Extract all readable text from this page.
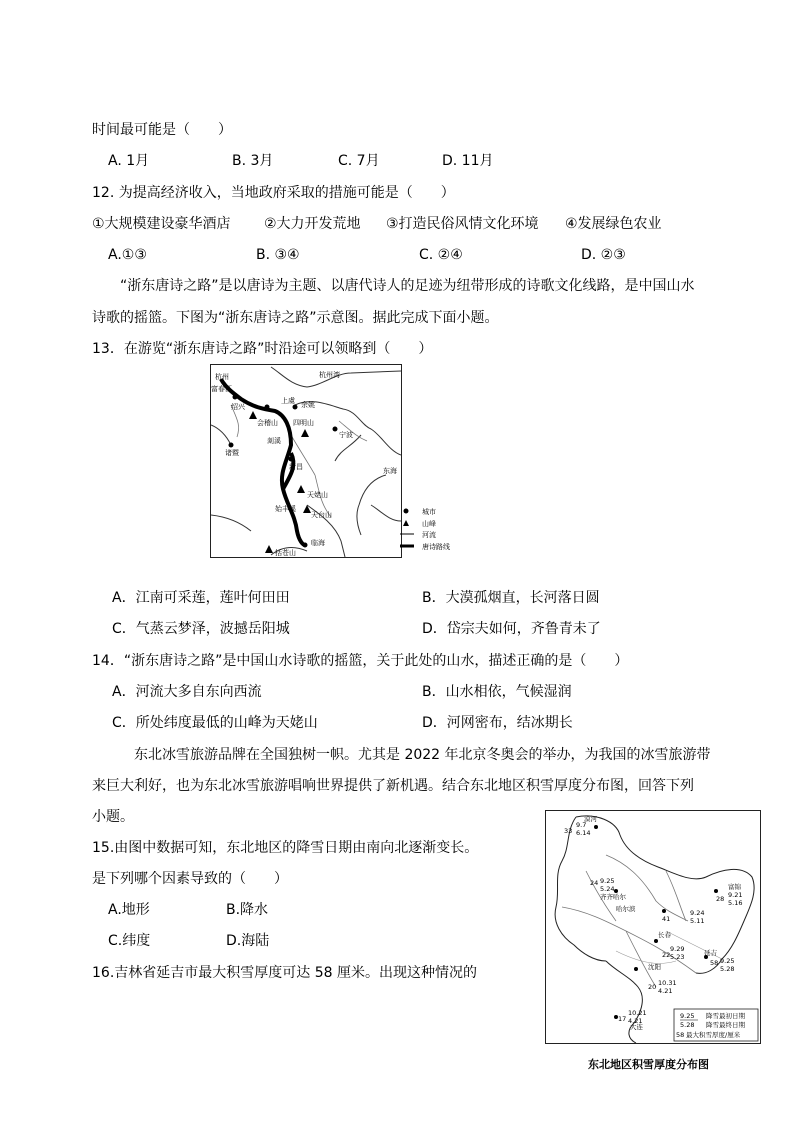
时间最可能是（　　）
A. 1月	B. 3月	C. 7月	D. 11月
12. 为提高经济收入，当地政府采取的措施可能是（　　）
①大规模建设豪华酒店 ②大力开发荒地 ③打造民俗风情文化环境 ④发展绿色农业
A.①③	B. ③④	C. ②④	D. ②③
“浙东唐诗之路”是以唐诗为主题、以唐代诗人的足迹为纽带形成的诗歌文化线路，是中国山水
诗歌的摇篮。下图为“浙东唐诗之路”示意图。据此完成下面小题。
13．在游览“浙东唐诗之路”时沿途可以领略到（　　）
杭州	杭州湾
绍兴
富春江
上虞 余姚
会稽山 四明山
宁波
诸暨
剡溪
新昌	东海
天姥山
天台山
始丰溪
括苍山
临海
城市
山峰
河流
唐诗路线
A．江南可采莲，莲叶何田田	B．大漠孤烟直，长河落日圆
C．气蒸云梦泽，波撼岳阳城	D．岱宗夫如何，齐鲁青未了
14．“浙东唐诗之路”是中国山水诗歌的摇篮，关于此处的山水，描述正确的是（　　）
A．河流大多自东向西流	B．山水相依，气候湿润
C．所处纬度最低的山峰为天姥山	D．河网密布，结冰期长
东北冰雪旅游品牌在全国独树一帜。尤其是 2022 年北京冬奥会的举办，为我国的冰雪旅游带
来巨大利好，也为东北冰雪旅游唱响世界提供了新机遇。结合东北地区积雪厚度分布图，回答下列
小题。
15.由图中数据可知，东北地区的降雪日期由南向北逐渐变长。
是下列哪个因素导致的（　　）
A.地形	B.降水
C.纬度	D.海陆
16.吉林省延吉市最大积雪厚度可达 58 厘米。出现这种情况的
漠河
33
9.7
6.14
齐齐哈尔
24 9.25
5.24	富锦
28 9.21
5.16
哈尔滨
41
9.24
5.11
长春
22
9.29
5.23	延吉
58 9.25
5.28
沈阳
20 10.31
4.21
大连
17
10.21
4.21
9.25 降雪最初日期
5.28 降雪最终日期
58 最大积雪厚度/厘米
东北地区积雪厚度分布图
